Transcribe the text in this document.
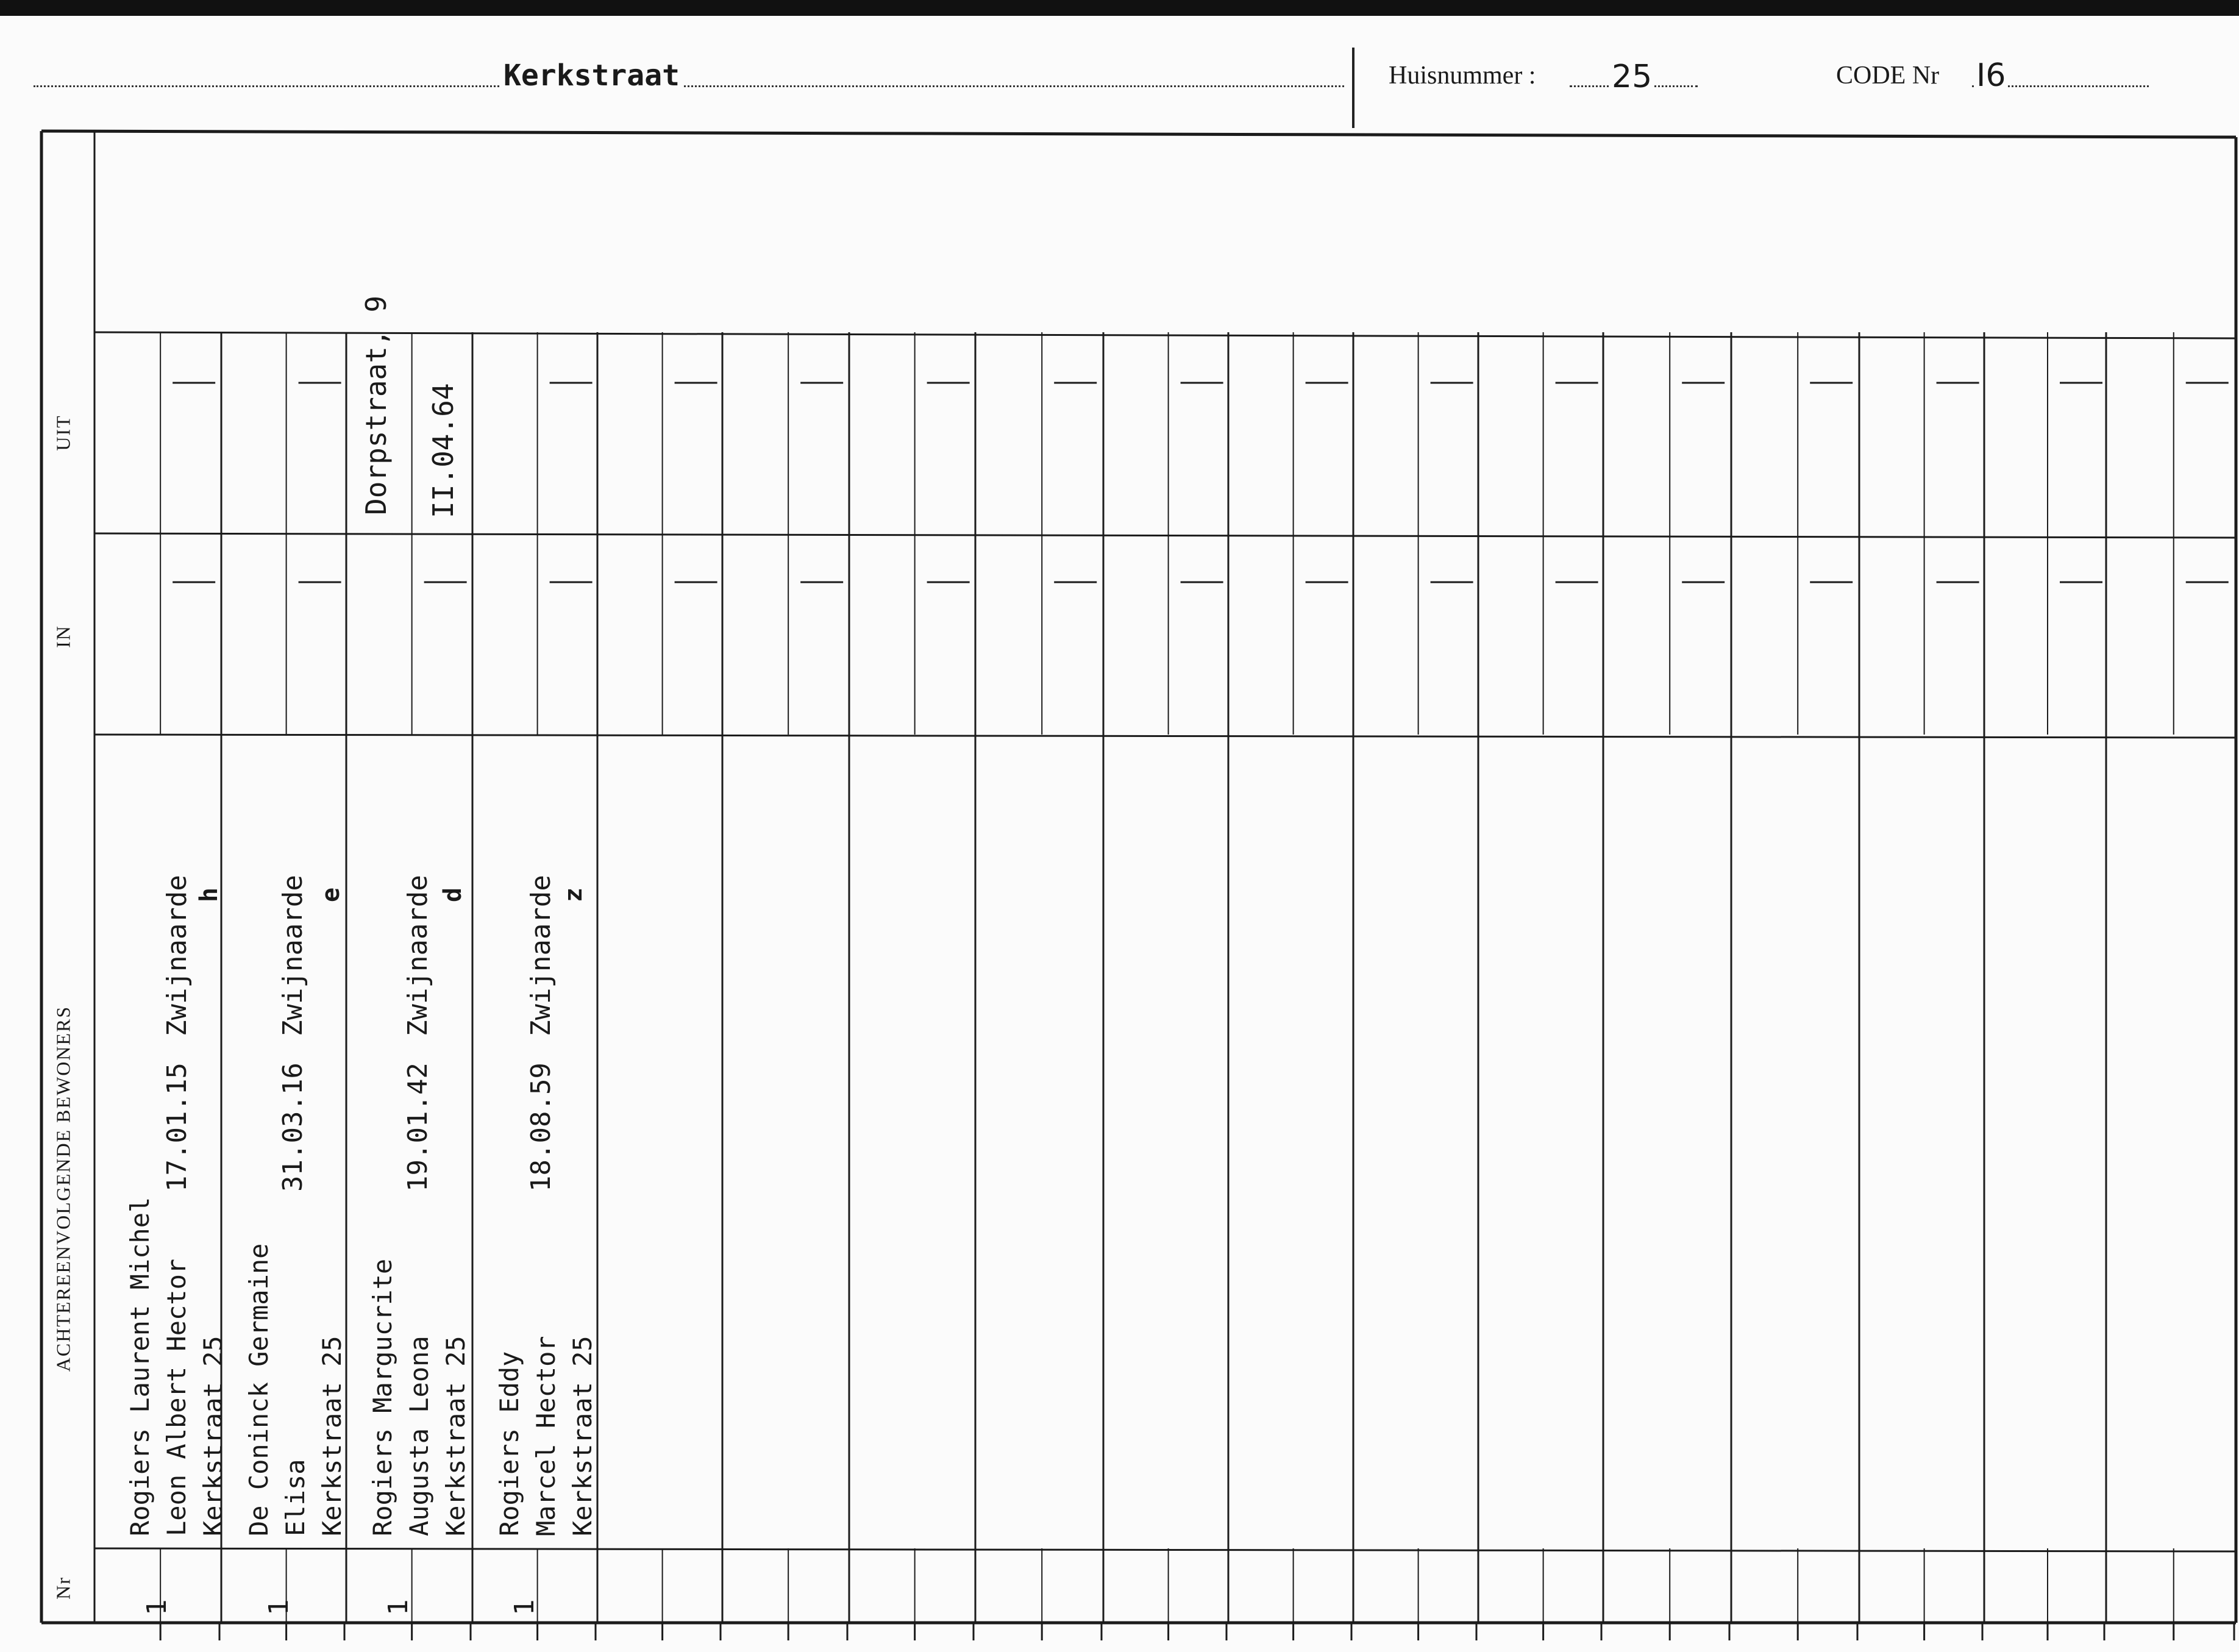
Kerkstraat	Huisnummer : 25	CODE Nr I6
UIT
IN
ACHTEREENVOLGENDE BEWONERS
Nr
Rogiers Laurent Michel Leon Albert Hector Kerkstraat 25
17.01.15
Zwijnaarde h
1
De Coninck Germaine Elisa Kerkstraat 25
31.03.16
Zwijnaarde e
1
Rogiers Margucrite Augusta Leona Kerkstraat 25
19.01.42
Zwijnaarde d
1
Dorpstraat, 9 II.04.64
Rogiers Eddy Marcel Hector Kerkstraat 25
18.08.59
Zwijnaarde z
1
